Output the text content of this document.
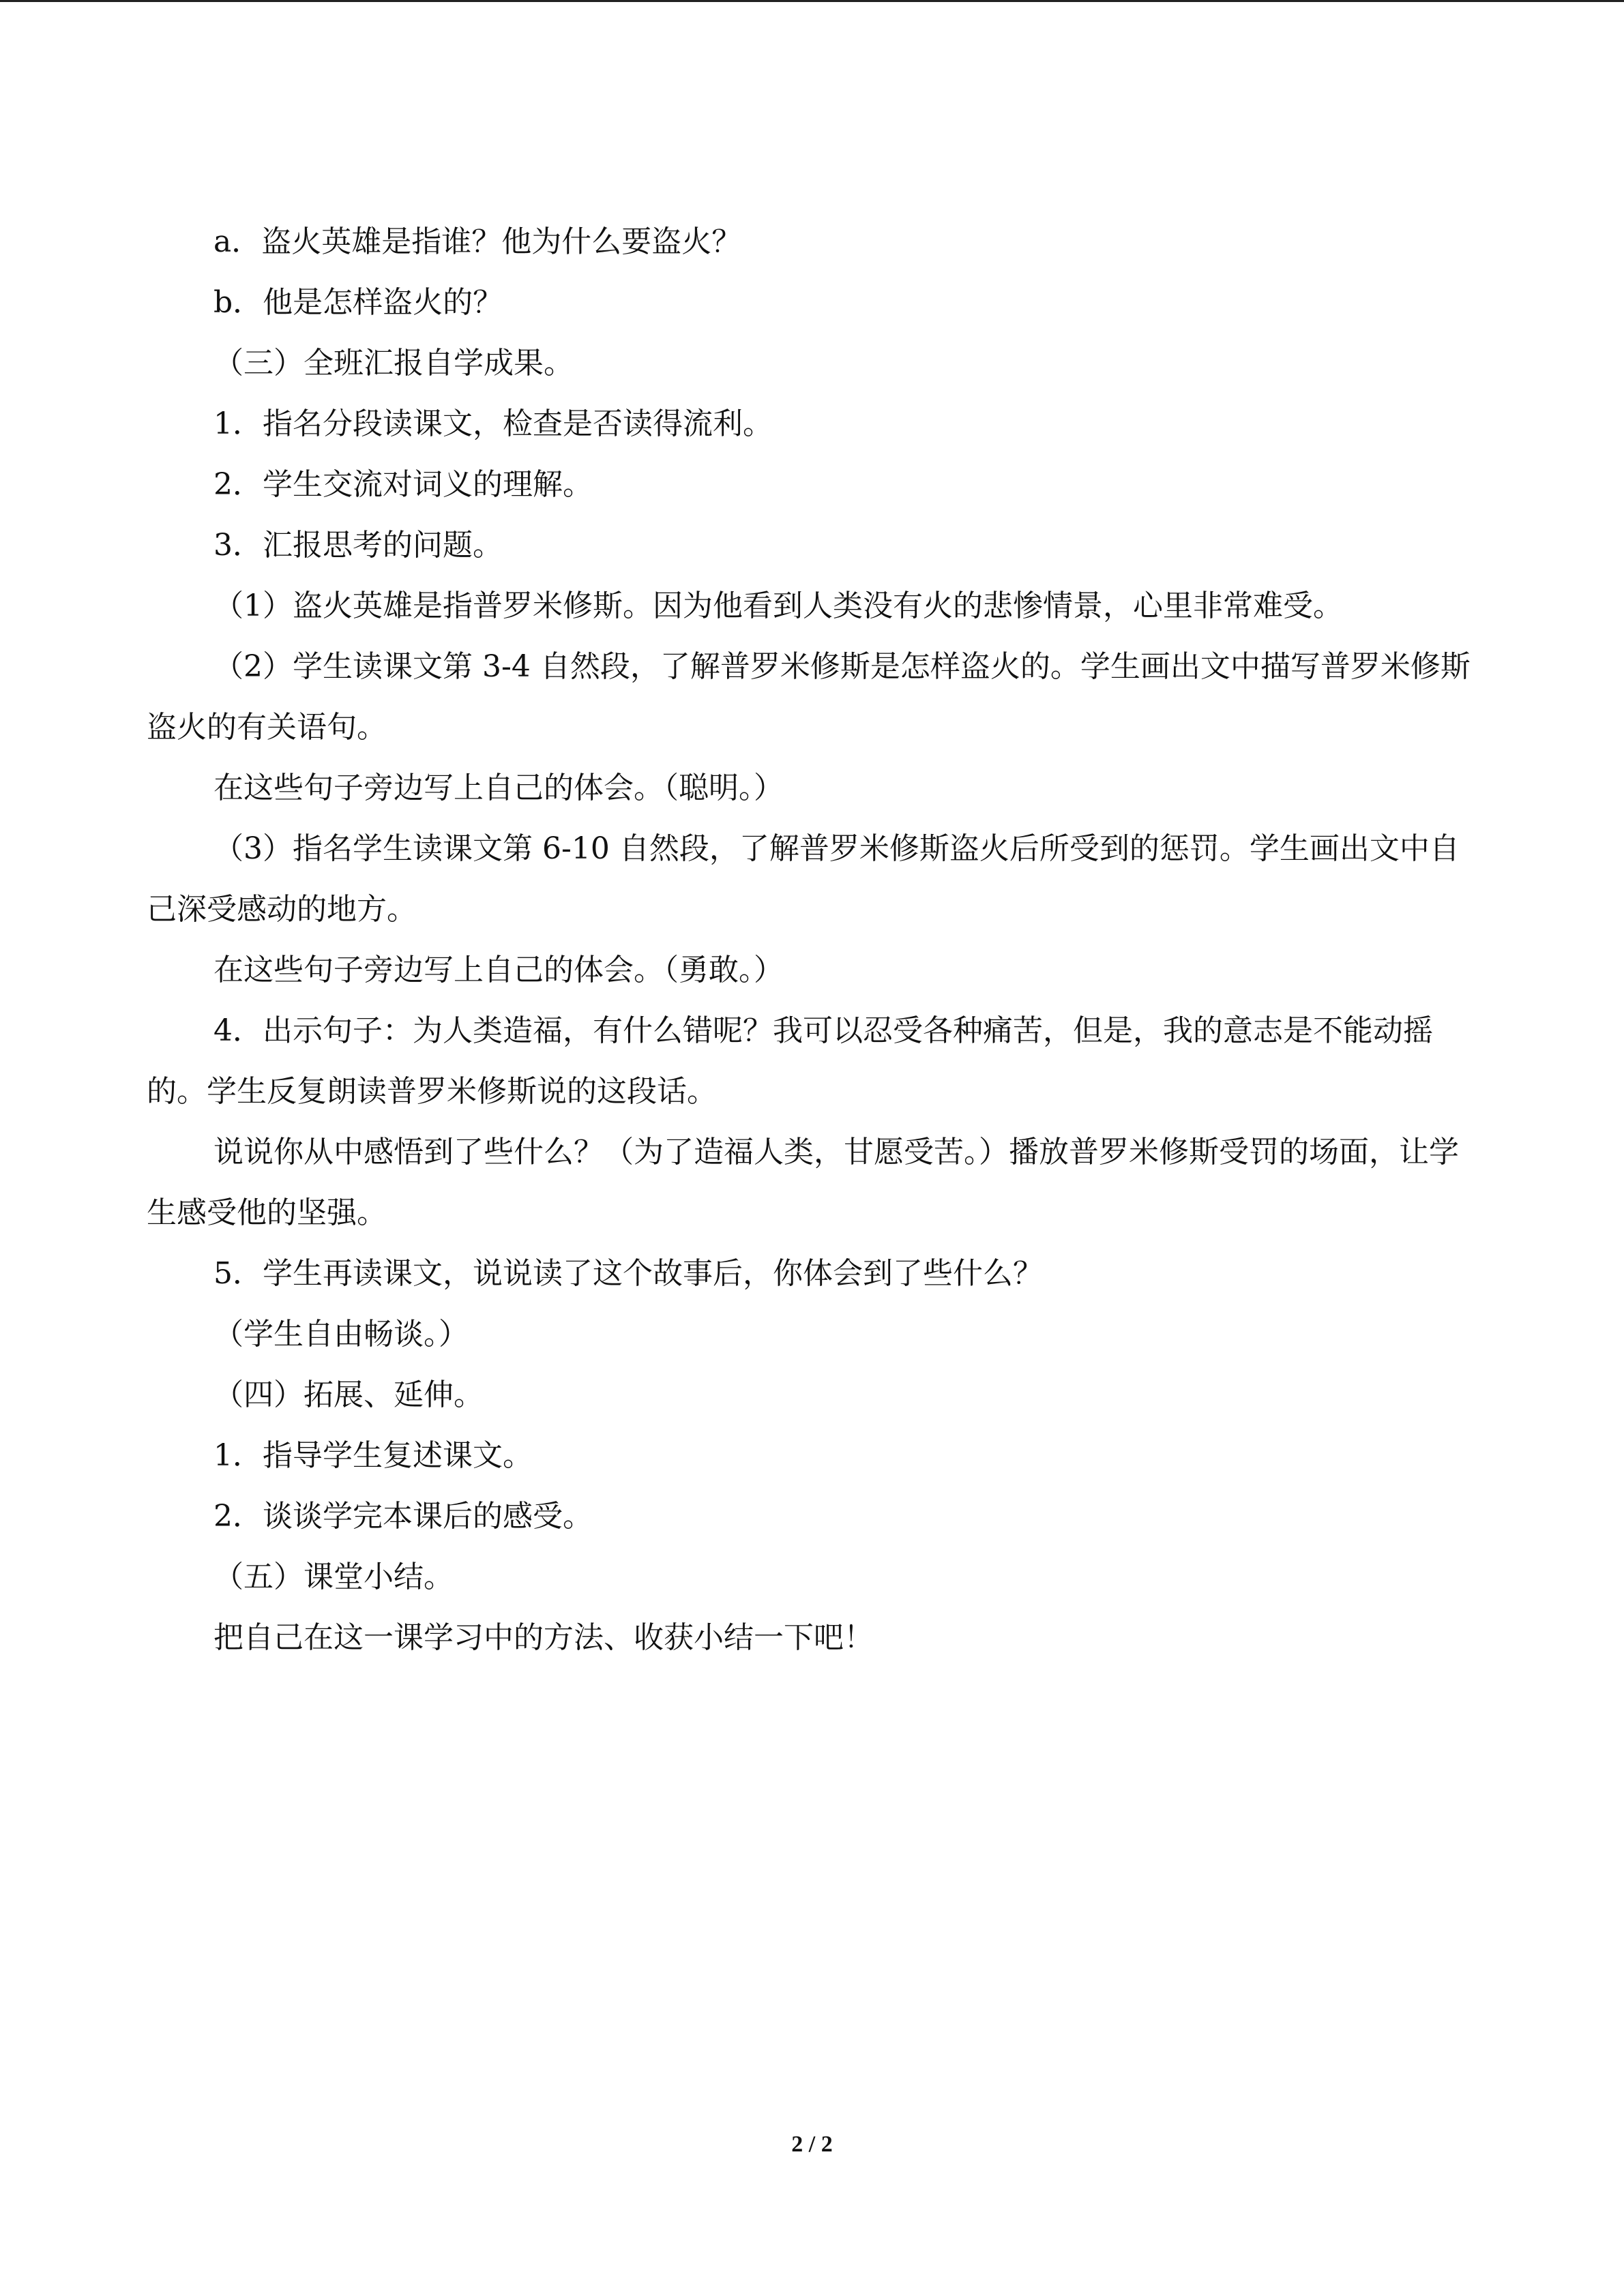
a．盗火英雄是指谁？他为什么要盗火？

b．他是怎样盗火的？

（三）全班汇报自学成果。

1．指名分段读课文，检查是否读得流利。

2．学生交流对词义的理解。

3．汇报思考的问题。

（1）盗火英雄是指普罗米修斯。因为他看到人类没有火的悲惨情景，心里非常难受。

（2）学生读课文第 3-4 自然段，了解普罗米修斯是怎样盗火的。学生画出文中描写普罗米修斯盗火的有关语句。

在这些句子旁边写上自己的体会。（聪明。）

（3）指名学生读课文第 6-10 自然段，了解普罗米修斯盗火后所受到的惩罚。学生画出文中自己深受感动的地方。

在这些句子旁边写上自己的体会。（勇敢。）

4．出示句子：为人类造福，有什么错呢？我可以忍受各种痛苦，但是，我的意志是不能动摇的。学生反复朗读普罗米修斯说的这段话。

说说你从中感悟到了些什么？（为了造福人类，甘愿受苦。）播放普罗米修斯受罚的场面，让学生感受他的坚强。

5．学生再读课文，说说读了这个故事后，你体会到了些什么？

（学生自由畅谈。）

（四）拓展、延伸。

1．指导学生复述课文。

2．谈谈学完本课后的感受。

（五）课堂小结。

把自己在这一课学习中的方法、收获小结一下吧！

2 / 2
